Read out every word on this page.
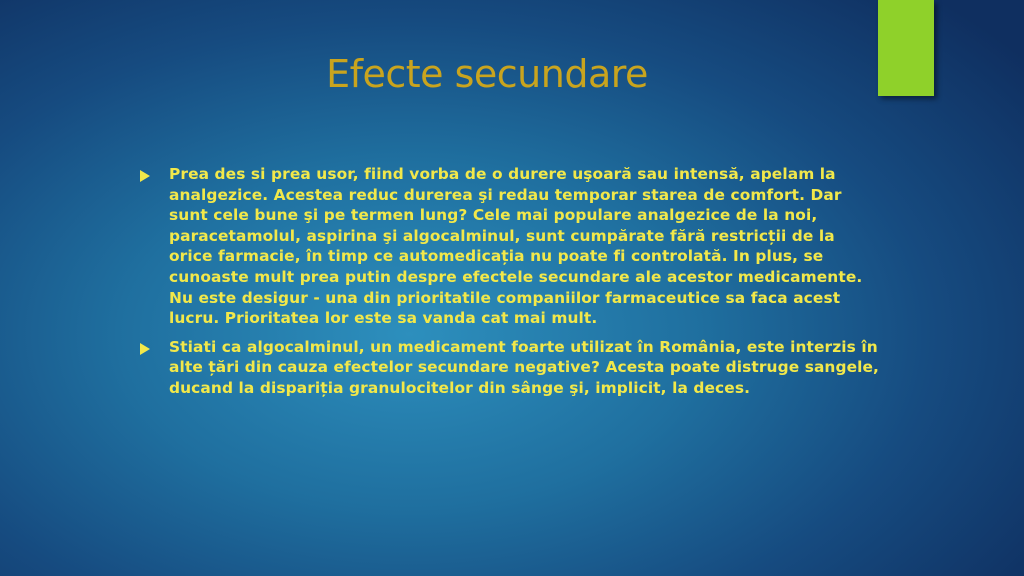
Efecte secundare
Prea des si prea usor, fiind vorba de o durere uşoară sau intensă, apelam la analgezice. Acestea reduc durerea şi redau temporar starea de comfort. Dar sunt cele bune şi pe termen lung? Cele mai populare analgezice de la noi, paracetamolul, aspirina şi algocalminul, sunt cumpărate fără restricții de la orice farmacie, în timp ce automedicația nu poate fi controlată. In plus, se cunoaste mult prea putin despre efectele secundare ale acestor medicamente. Nu este desigur - una din prioritatile companiilor farmaceutice sa faca acest lucru. Prioritatea lor este sa vanda cat mai mult.
Stiati ca algocalminul, un medicament foarte utilizat în România, este interzis în alte țări din cauza efectelor secundare negative? Acesta poate distruge sangele, ducand la dispariția granulocitelor din sânge şi, implicit, la deces.
